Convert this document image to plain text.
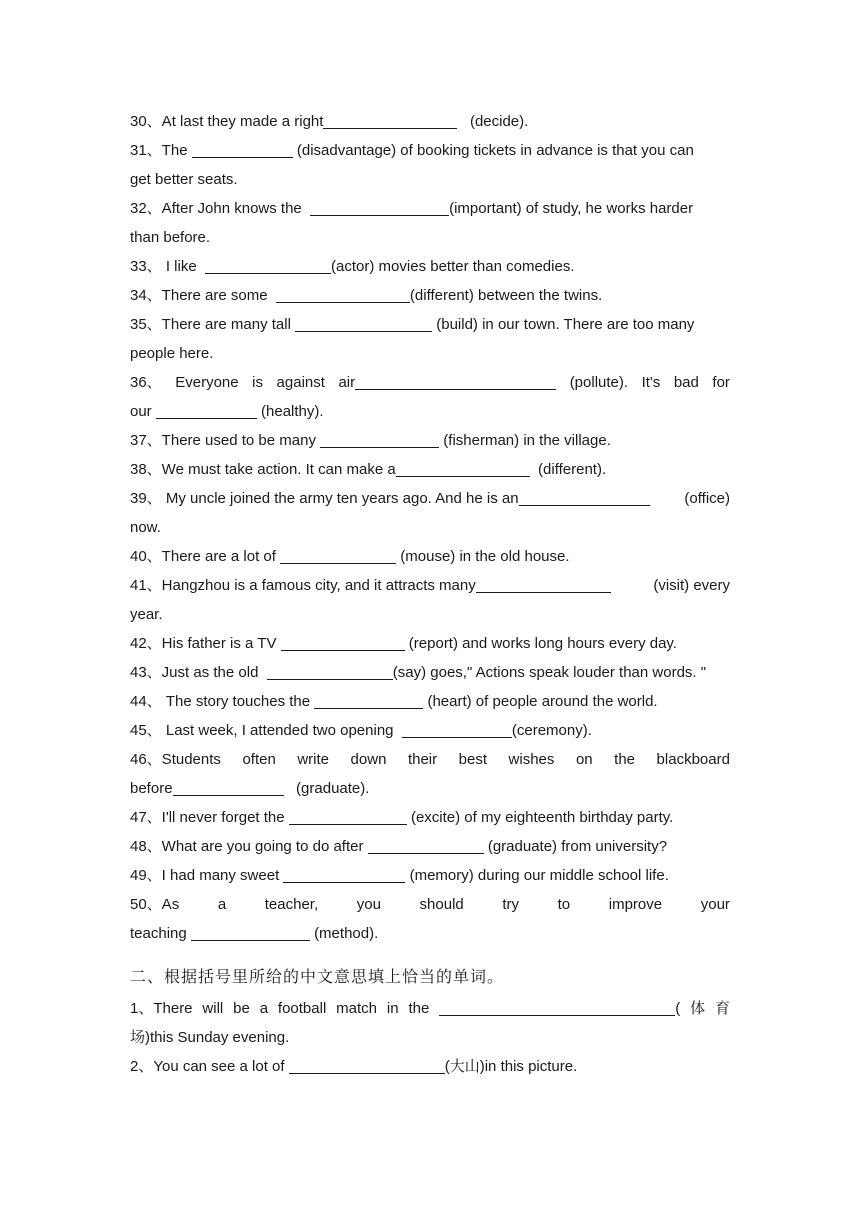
30、At last they made a right	(decide).
31、The	(disadvantage) of booking tickets in advance is that you can
get better seats.
32、After John knows the	(important) of study, he works harder
than before.
33、 I like	(actor) movies better than comedies.
34、There are some	(different) between the twins.
35、There are many tall	(build) in our town. There are too many
people here.
36、 Everyone is against air	(pollute). It's bad for
our	(healthy).
37、There used to be many	(fisherman) in the village.
38、We must take action. It can make a	(different).
39、 My uncle joined the army ten years ago. And he is an	(office)
now.
40、There are a lot of	(mouse) in the old house.
41、Hangzhou is a famous city, and it attracts many	(visit) every
year.
42、His father is a TV	(report) and works long hours every day.
43、Just as the old	(say) goes," Actions speak louder than words. "
44、 The story touches the	(heart) of people around the world.
45、 Last week, I attended two opening	(ceremony).
46、Students often write down their best wishes on the blackboard
before	(graduate).
47、I'll never forget the	(excite) of my eighteenth birthday party.
48、What are you going to do after	(graduate) from university?
49、I had many sweet	(memory) during our middle school life.
50、As	a	teacher,	you	should	try	to	improve	your
teaching	(method).
二、根据括号里所给的中文意思填上恰当的单词。
1、There will be a football match in the	( 体 育
场)this Sunday evening.
2、You can see a lot of	(大山)in this picture.
